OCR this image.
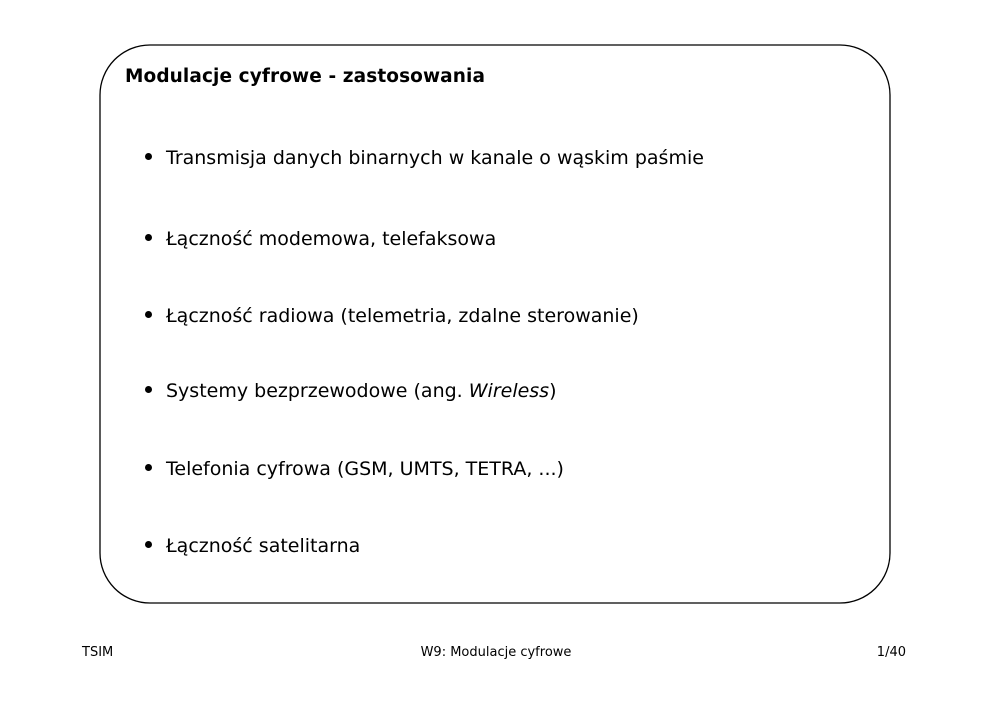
Modulacje cyfrowe - zastosowania
Transmisja danych binarnych w kanale o wąskim paśmie
Łączność modemowa, telefaksowa
Łączność radiowa (telemetria, zdalne sterowanie)
Systemy bezprzewodowe (ang. Wireless)
Telefonia cyfrowa (GSM, UMTS, TETRA, ...)
Łączność satelitarna
TSIM	W9: Modulacje cyfrowe	1/40
